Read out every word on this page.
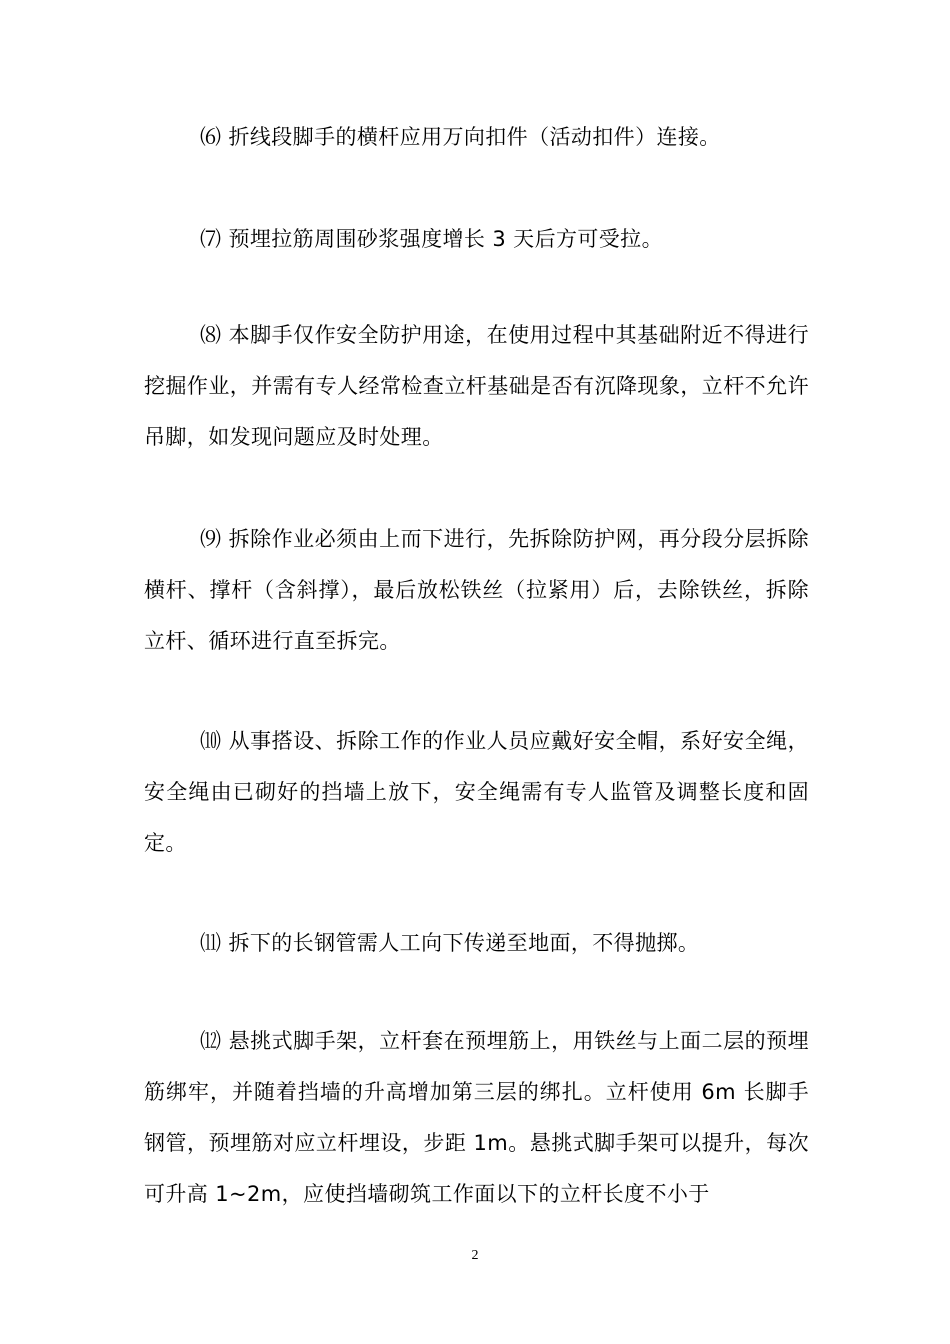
⑹ 折线段脚手的横杆应用万向扣件（活动扣件）连接。

⑺ 预埋拉筋周围砂浆强度增长 3 天后方可受拉。

⑻ 本脚手仅作安全防护用途，在使用过程中其基础附近不得进行挖掘作业，并需有专人经常检查立杆基础是否有沉降现象，立杆不允许吊脚，如发现问题应及时处理。

⑼ 拆除作业必须由上而下进行，先拆除防护网，再分段分层拆除横杆、撑杆（含斜撑），最后放松铁丝（拉紧用）后，去除铁丝，拆除立杆、循环进行直至拆完。

⑽ 从事搭设、拆除工作的作业人员应戴好安全帽，系好安全绳，安全绳由已砌好的挡墙上放下，安全绳需有专人监管及调整长度和固定。

⑾ 拆下的长钢管需人工向下传递至地面，不得抛掷。

⑿ 悬挑式脚手架，立杆套在预埋筋上，用铁丝与上面二层的预埋筋绑牢，并随着挡墙的升高增加第三层的绑扎。立杆使用 6m 长脚手钢管，预埋筋对应立杆埋设，步距 1m。悬挑式脚手架可以提升，每次可升高 1~2m，应使挡墙砌筑工作面以下的立杆长度不小于

2
